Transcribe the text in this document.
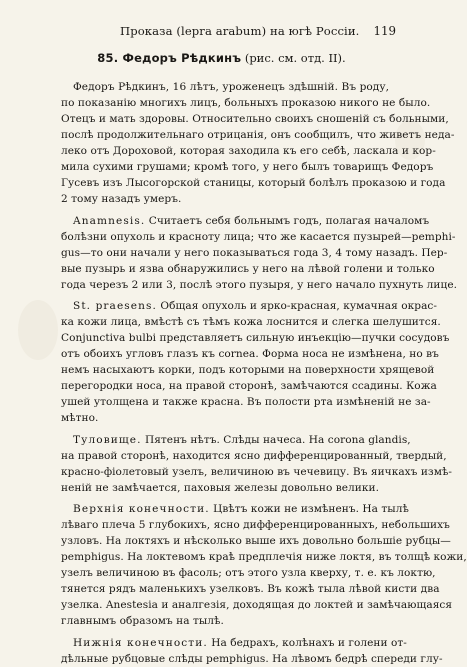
Проказа (lepra arabum) на югѣ Россіи. 119
85. Федоръ Рѣдкинъ (рис. см. отд. II).
Федоръ Рѣдкинъ, 16 лѣтъ, уроженецъ здѣшній. Въ роду,
по показанію многихъ лицъ, больныхъ проказою никого не было.
Отецъ и мать здоровы. Относительно своихъ сношеній съ больными,
послѣ продолжительнаго отрицанія, онъ сообщилъ, что живетъ неда-
леко отъ Дороховой, которая заходила къ его себѣ, ласкала и кор-
мила сухими грушами; кромѣ того, у него былъ товарищъ Федоръ
Гусевъ изъ Лысогорской станицы, который болѣлъ проказою и года
2 тому назадъ умеръ.
Anamnesis. Считаетъ себя больнымъ годъ, полагая началомъ
болѣзни опухоль и красноту лица; что же касается пузырей—pemphi-
gus—то они начали у него показываться года 3, 4 тому назадъ. Пер-
вые пузырь и язва обнаружились у него на лѣвой голени и только
года черезъ 2 или 3, послѣ этого пузыря, у него начало пухнуть лице.
St. praesens. Общая опухоль и ярко-красная, кумачная окрас-
ка кожи лица, вмѣстѣ съ тѣмъ кожа лоснится и слегка шелушится.
Conjunctiva bulbi представляетъ сильную инъекцію—пучки сосудовъ
отъ обоихъ угловъ глазъ къ corneа. Форма носа не измѣнена, но въ
немъ насыхаютъ корки, подъ которыми на поверхности хрящевой
перегородки носа, на правой сторонѣ, замѣчаются ссадины. Кожа
ушей утолщена и также красна. Въ полости рта измѣненій не за-
мѣтно.
Туловище. Пятенъ нѣтъ. Слѣды начеса. На corona glandis,
на правой сторонѣ, находится ясно дифференцированный, твердый,
красно-фіолетовый узелъ, величиною въ чечевицу. Въ яичкахъ измѣ-
неній не замѣчается, паховыя железы довольно велики.
Верхнія конечности. Цвѣтъ кожи не измѣненъ. На тылѣ
лѣваго плеча 5 глубокихъ, ясно дифференцированныхъ, небольшихъ
узловъ. На локтяхъ и нѣсколько выше ихъ довольно большіе рубцы—
pemphigus. На локтевомъ краѣ предплечія ниже локтя, въ толщѣ кожи,
узелъ величиною въ фасоль; отъ этого узла кверху, т. е. къ локтю,
тянется рядъ маленькихъ узелковъ. Въ кожѣ тыла лѣвой кисти два
узелка. Anestesia и аналгезія, доходящая до локтей и замѣчающаяся
главнымъ образомъ на тылѣ.
Нижнія конечности. На бедрахъ, колѣнахъ и голени от-
дѣльные рубцовые слѣды pemphigus. На лѣвомъ бедрѣ спереди глу-
